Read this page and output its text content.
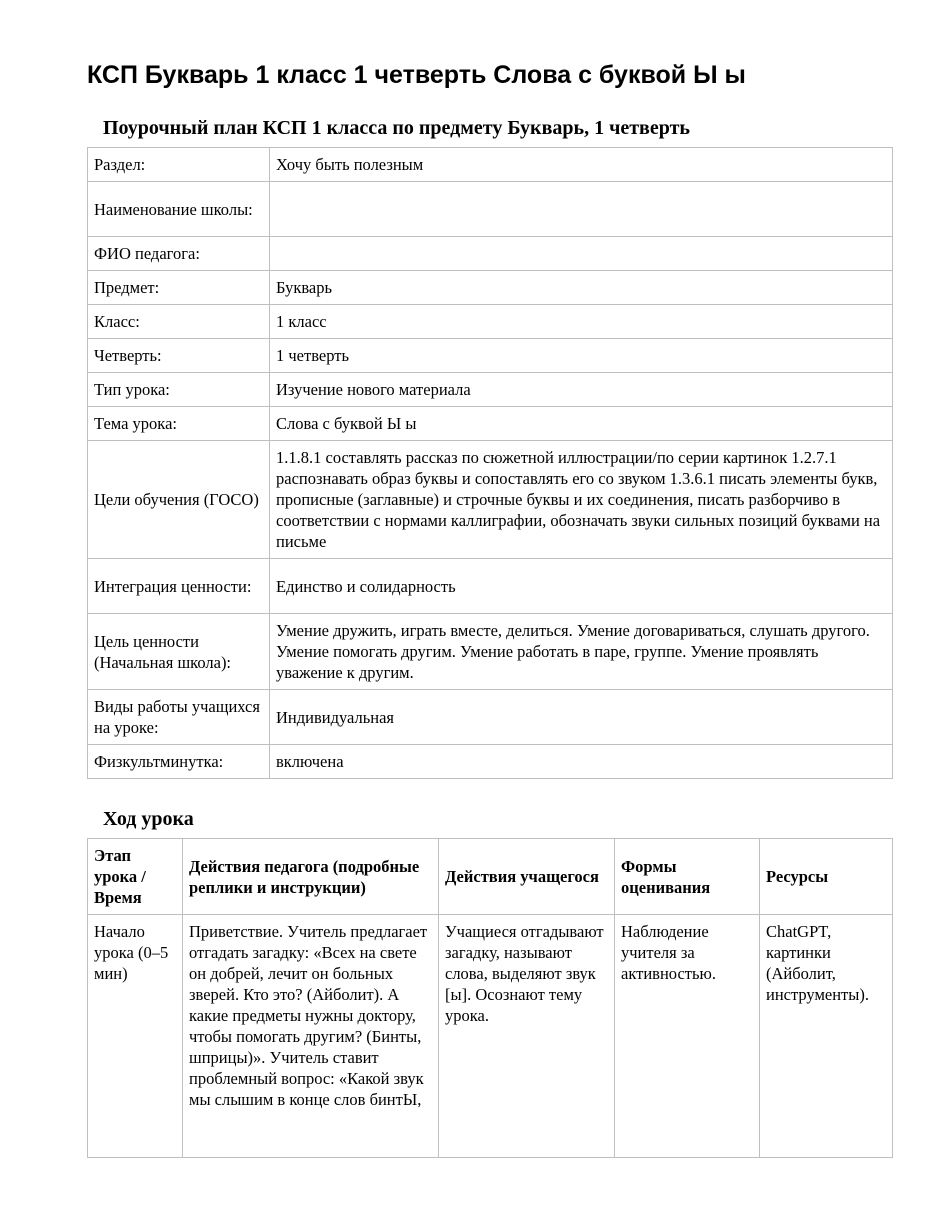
КСП Букварь 1 класс 1 четверть Слова с буквой Ы ы
Поурочный план КСП 1 класса по предмету Букварь, 1 четверть
Раздел:	Хочу быть полезным
Наименование школы:	
ФИО педагога:	
Предмет:	Букварь
Класс:	1 класс
Четверть:	1 четверть
Тип урока:	Изучение нового материала
Тема урока:	Слова с буквой Ы ы
Цели обучения (ГОСО)	1.1.8.1 составлять рассказ по сюжетной иллюстрации/по серии картинок 1.2.7.1 распознавать образ буквы и сопоставлять его со звуком 1.3.6.1 писать элементы букв, прописные (заглавные) и строчные буквы и их соединения, писать разборчиво в соответствии с нормами каллиграфии, обозначать звуки сильных позиций буквами на письме
Интеграция ценности:	Единство и солидарность
Цель ценности (Начальная школа):	Умение дружить, играть вместе, делиться. Умение договариваться, слушать другого. Умение помогать другим. Умение работать в паре, группе. Умение проявлять уважение к другим.
Виды работы учащихся на уроке:	Индивидуальная
Физкультминутка:	включена
Ход урока
Этап урока / Время	Действия педагога (подробные реплики и инструкции)	Действия учащегося	Формы оценивания	Ресурсы
Начало урока (0–5 мин)	Приветствие. Учитель предлагает отгадать загадку: «Всех на свете он добрей, лечит он больных зверей. Кто это? (Айболит). А какие предметы нужны доктору, чтобы помогать другим? (Бинты, шприцы)». Учитель ставит проблемный вопрос: «Какой звук мы слышим в конце слов бинтЫ,	Учащиеся отгадывают загадку, называют слова, выделяют звук [ы]. Осознают тему урока.	Наблюдение учителя за активностью.	ChatGPT, картинки (Айболит, инструменты).
